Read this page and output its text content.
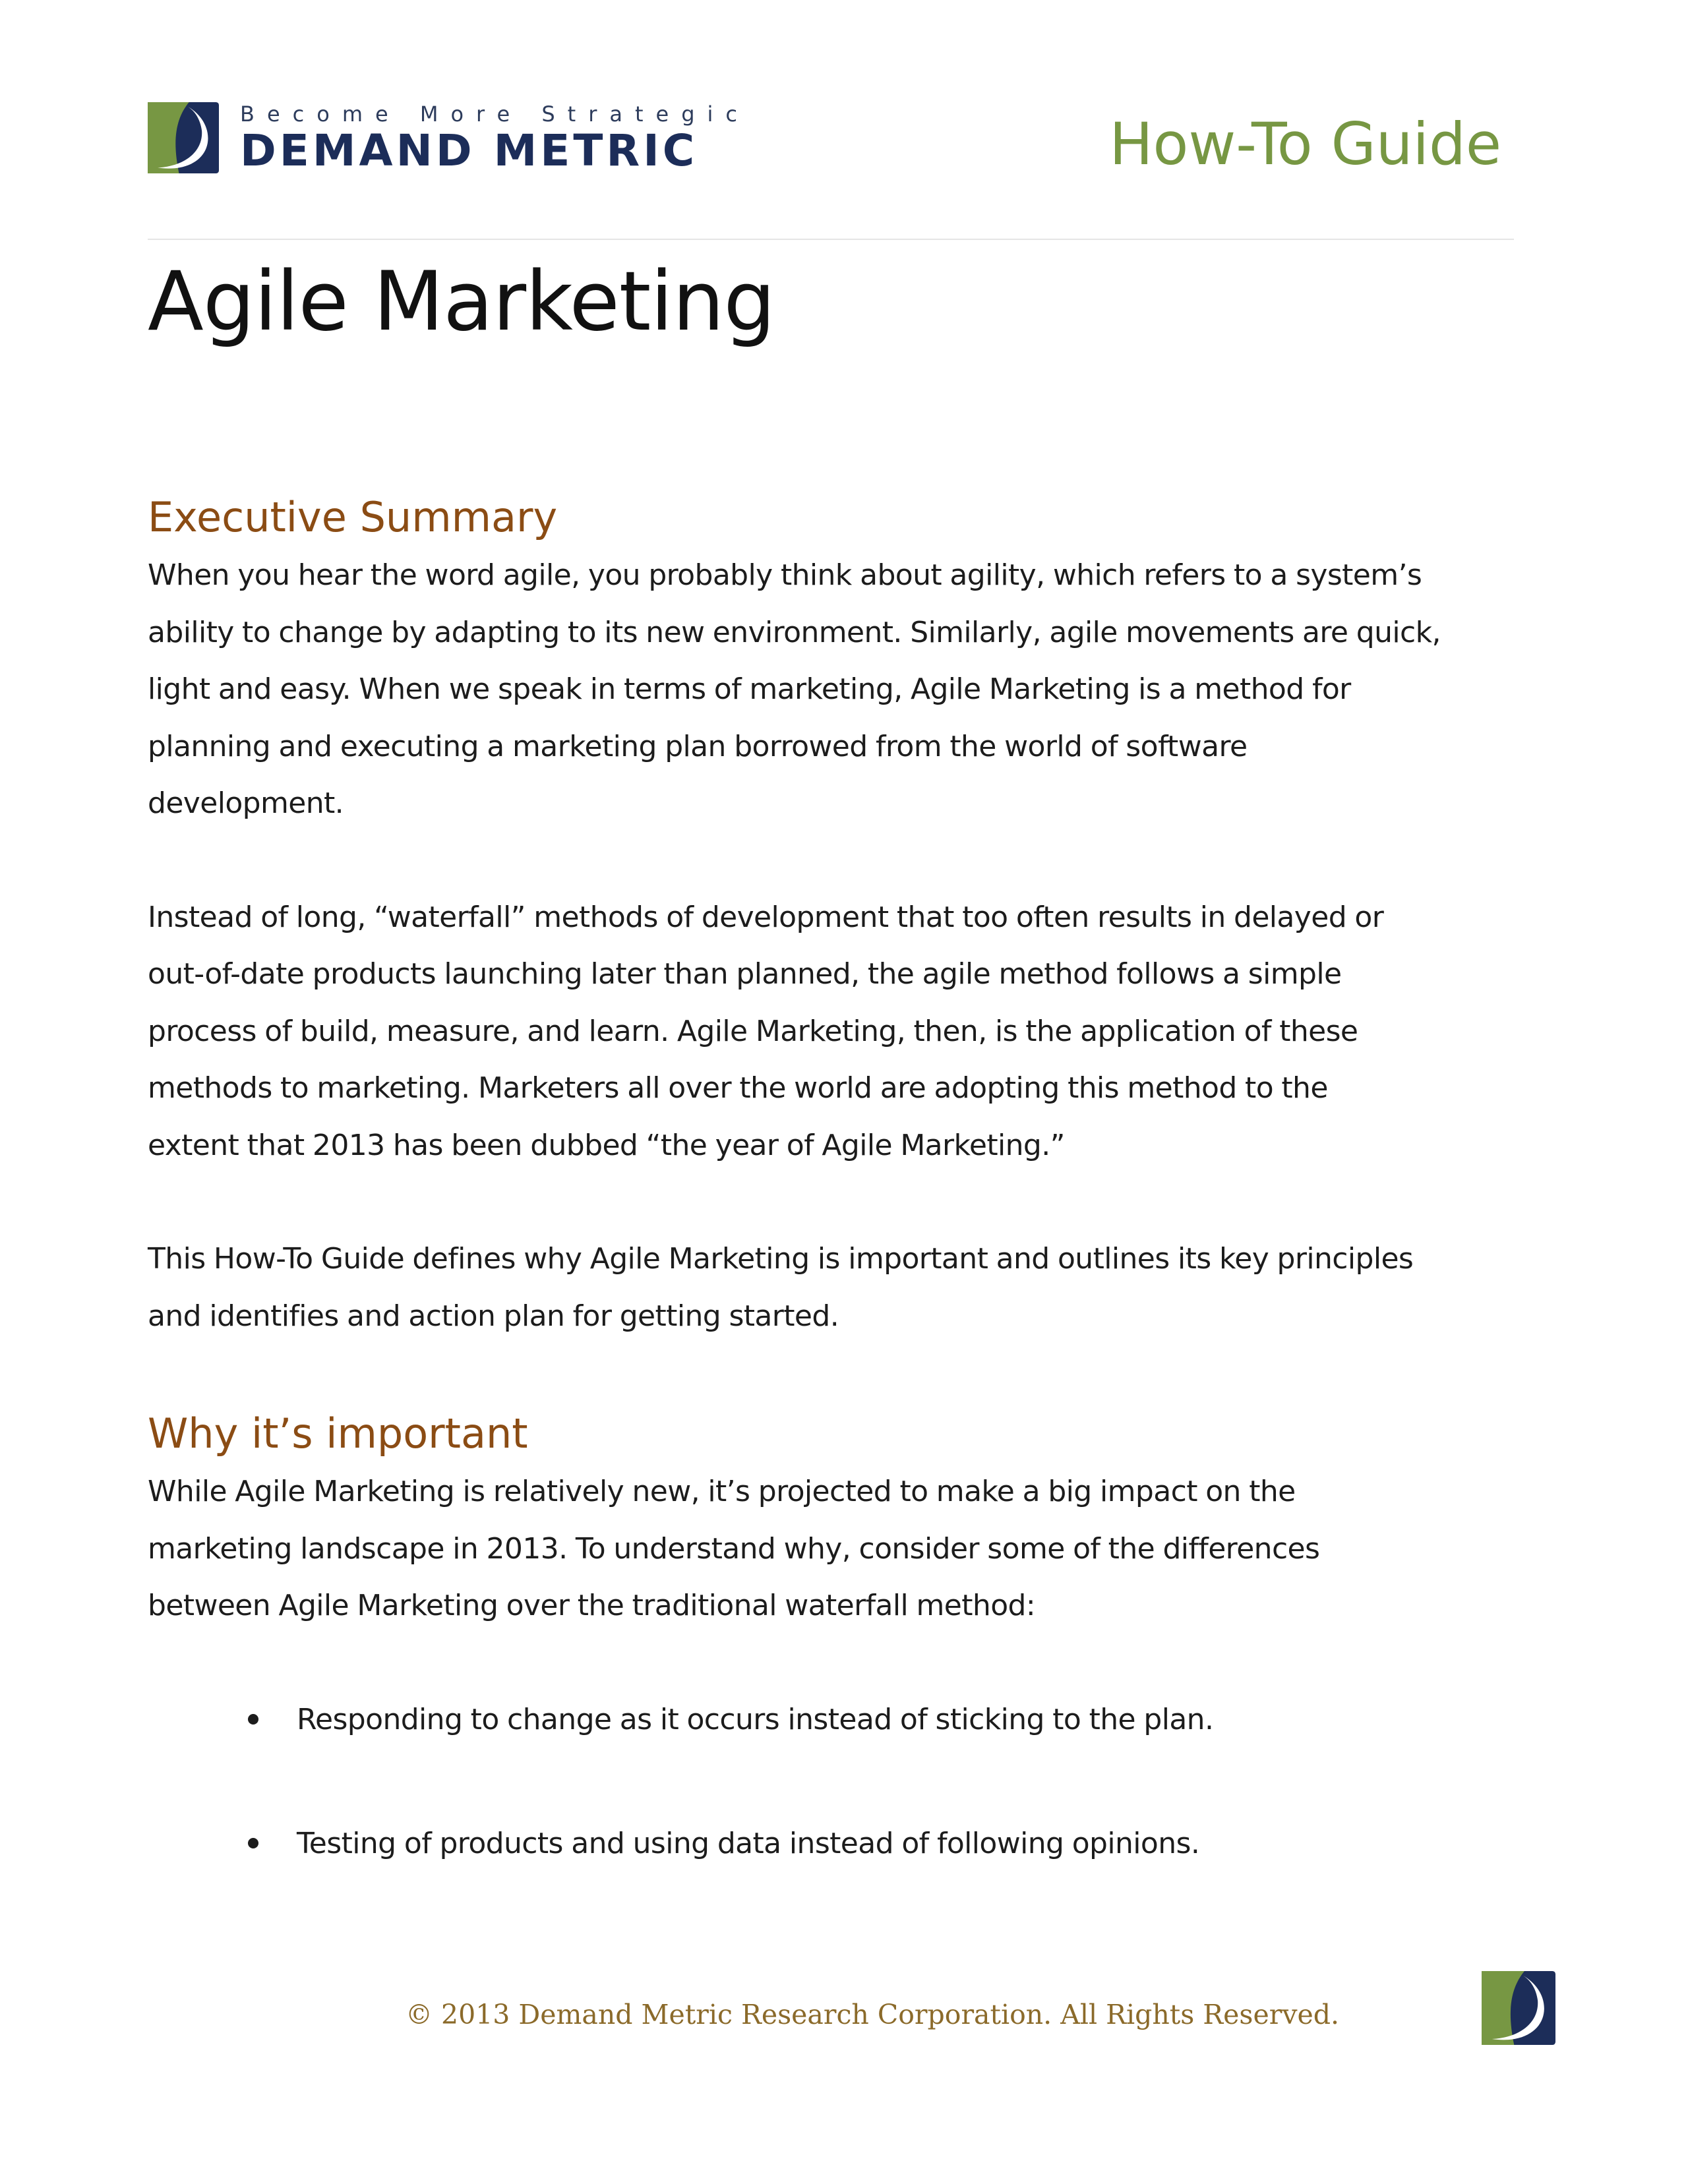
Become More Strategic
DEMAND METRIC	How-To Guide
Agile Marketing
Executive Summary

When you hear the word agile, you probably think about agility, which refers to a system’s

ability to change by adapting to its new environment. Similarly, agile movements are quick,

light and easy. When we speak in terms of marketing, Agile Marketing is a method for

planning and executing a marketing plan borrowed from the world of software

development.

Instead of long, “waterfall” methods of development that too often results in delayed or

out-of-date products launching later than planned, the agile method follows a simple

process of build, measure, and learn. Agile Marketing, then, is the application of these

methods to marketing. Marketers all over the world are adopting this method to the

extent that 2013 has been dubbed “the year of Agile Marketing.”

This How-To Guide defines why Agile Marketing is important and outlines its key principles

and identifies and action plan for getting started.

Why it’s important

While Agile Marketing is relatively new, it’s projected to make a big impact on the

marketing landscape in 2013. To understand why, consider some of the differences

between Agile Marketing over the traditional waterfall method:

Responding to change as it occurs instead of sticking to the plan.
Testing of products and using data instead of following opinions.
© 2013 Demand Metric Research Corporation. All Rights Reserved.
